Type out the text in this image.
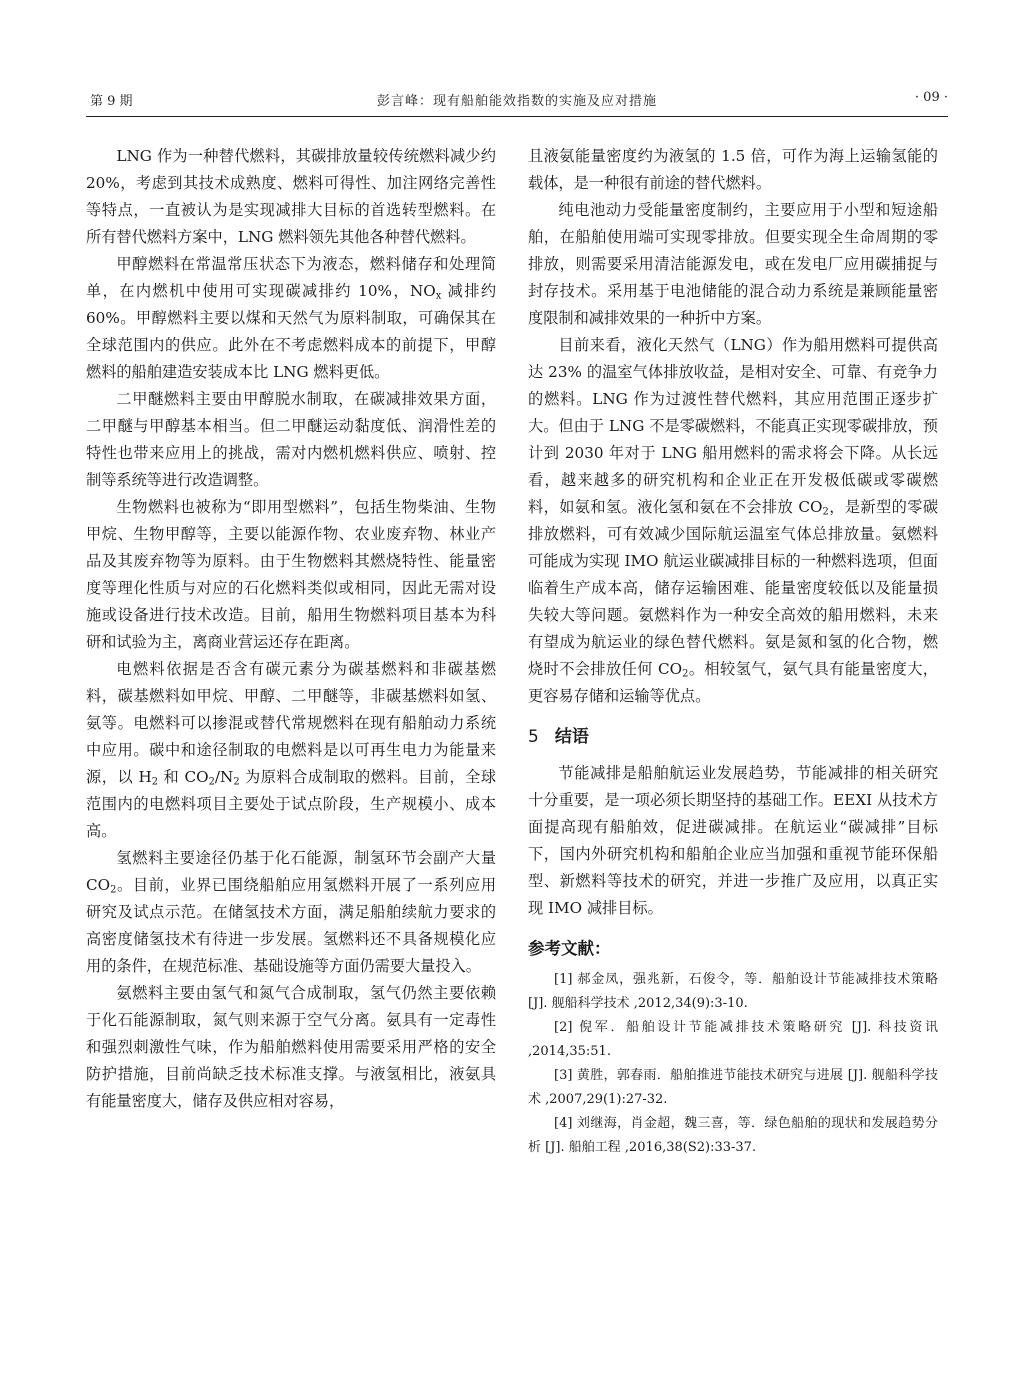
第 9 期	彭言峰：现有船舶能效指数的实施及应对措施	· 09 ·

LNG 作为一种替代燃料，其碳排放量较传统燃料减少约 20%，考虑到其技术成熟度、燃料可得性、加注网络完善性等特点，一直被认为是实现减排大目标的首选转型燃料。在所有替代燃料方案中，LNG 燃料领先其他各种替代燃料。

甲醇燃料在常温常压状态下为液态，燃料储存和处理简单，在内燃机中使用可实现碳减排约 10%，$NO_x$ 减排约 60%。甲醇燃料主要以煤和天然气为原料制取，可确保其在全球范围内的供应。此外在不考虑燃料成本的前提下，甲醇燃料的船舶建造安装成本比 LNG 燃料更低。

二甲醚燃料主要由甲醇脱水制取，在碳减排效果方面，二甲醚与甲醇基本相当。但二甲醚运动黏度低、润滑性差的特性也带来应用上的挑战，需对内燃机燃料供应、喷射、控制等系统等进行改造调整。

生物燃料也被称为“即用型燃料”，包括生物柴油、生物甲烷、生物甲醇等，主要以能源作物、农业废弃物、林业产品及其废弃物等为原料。由于生物燃料其燃烧特性、能量密度等理化性质与对应的石化燃料类似或相同，因此无需对设施或设备进行技术改造。目前，船用生物燃料项目基本为科研和试验为主，离商业营运还存在距离。

电燃料依据是否含有碳元素分为碳基燃料和非碳基燃料，碳基燃料如甲烷、甲醇、二甲醚等，非碳基燃料如氢、氨等。电燃料可以掺混或替代常规燃料在现有船舶动力系统中应用。碳中和途径制取的电燃料是以可再生电力为能量来源，以 $H_2$ 和 $CO_2/N_2$ 为原料合成制取的燃料。目前，全球范围内的电燃料项目主要处于试点阶段，生产规模小、成本高。

氢燃料主要途径仍基于化石能源，制氢环节会副产大量 $CO_2$。目前，业界已围绕船舶应用氢燃料开展了一系列应用研究及试点示范。在储氢技术方面，满足船舶续航力要求的高密度储氢技术有待进一步发展。氢燃料还不具备规模化应用的条件，在规范标准、基础设施等方面仍需要大量投入。

氨燃料主要由氢气和氮气合成制取，氢气仍然主要依赖于化石能源制取，氮气则来源于空气分离。氨具有一定毒性和强烈刺激性气味，作为船舶燃料使用需要采用严格的安全防护措施，目前尚缺乏技术标准支撑。与液氢相比，液氨具有能量密度大，储存及供应相对容易，

且液氨能量密度约为液氢的 1.5 倍，可作为海上运输氢能的载体，是一种很有前途的替代燃料。

纯电池动力受能量密度制约，主要应用于小型和短途船舶，在船舶使用端可实现零排放。但要实现全生命周期的零排放，则需要采用清洁能源发电，或在发电厂应用碳捕捉与封存技术。采用基于电池储能的混合动力系统是兼顾能量密度限制和减排效果的一种折中方案。

目前来看，液化天然气（LNG）作为船用燃料可提供高达 23% 的温室气体排放收益，是相对安全、可靠、有竞争力的燃料。LNG 作为过渡性替代燃料，其应用范围正逐步扩大。但由于 LNG 不是零碳燃料，不能真正实现零碳排放，预计到 2030 年对于 LNG 船用燃料的需求将会下降。从长远看，越来越多的研究机构和企业正在开发极低碳或零碳燃料，如氨和氢。液化氢和氨在不会排放 $CO_2$，是新型的零碳排放燃料，可有效减少国际航运温室气体总排放量。氨燃料可能成为实现 IMO 航运业碳减排目标的一种燃料选项，但面临着生产成本高，储存运输困难、能量密度较低以及能量损失较大等问题。氨燃料作为一种安全高效的船用燃料，未来有望成为航运业的绿色替代燃料。氨是氮和氢的化合物，燃烧时不会排放任何 $CO_2$。相较氢气，氨气具有能量密度大，更容易存储和运输等优点。

5 结语

节能减排是船舶航运业发展趋势，节能减排的相关研究十分重要，是一项必须长期坚持的基础工作。EEXI 从技术方面提高现有船舶效，促进碳减排。在航运业“碳减排”目标下，国内外研究机构和船舶企业应当加强和重视节能环保船型、新燃料等技术的研究，并进一步推广及应用，以真正实现 IMO 减排目标。

参考文献：

[1] 郝金凤，强兆新，石俊令，等．船舶设计节能减排技术策略 [J]. 舰船科学技术 ,2012,34(9):3-10.

[2] 倪军．船舶设计节能减排技术策略研究 [J]. 科技资讯 ,2014,35:51.

[3] 黄胜，郭春雨．船舶推进节能技术研究与进展 [J]. 舰船科学技术 ,2007,29(1):27-32.

[4] 刘继海，肖金超，魏三喜，等．绿色船舶的现状和发展趋势分析 [J]. 船舶工程 ,2016,38(S2):33-37.
